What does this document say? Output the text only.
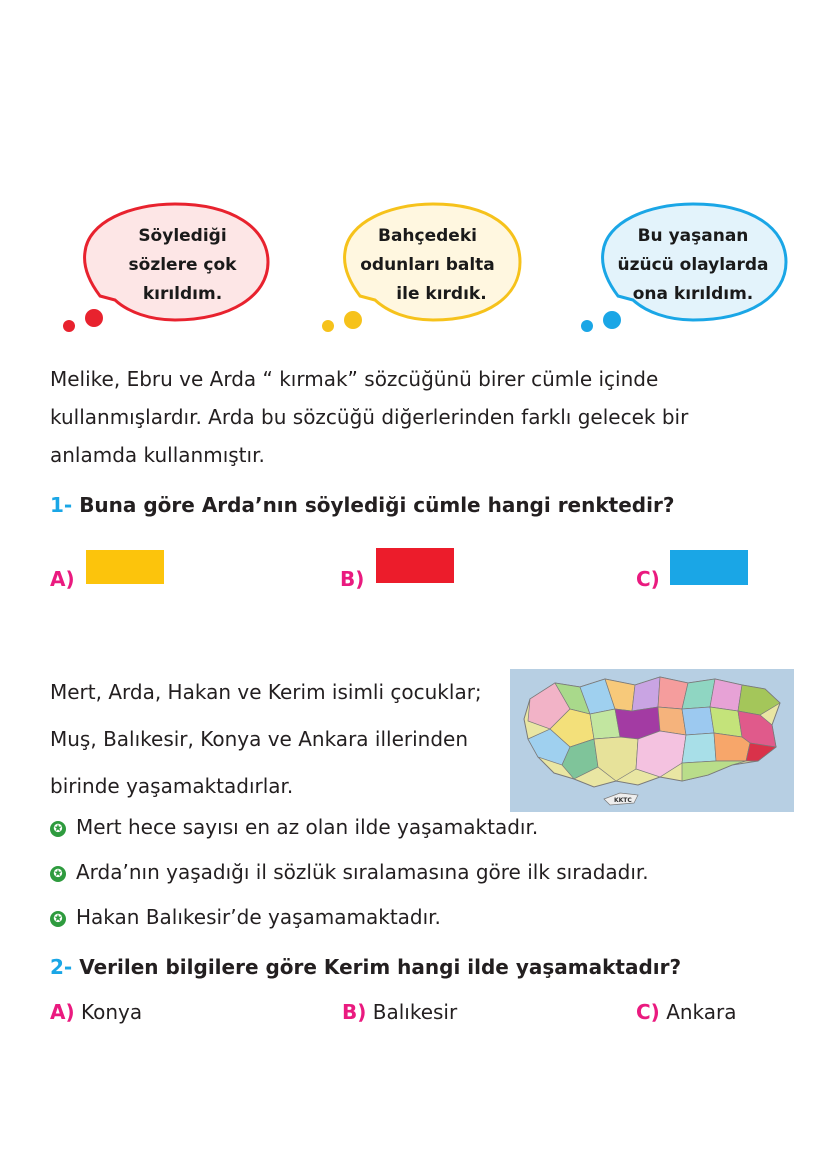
Söylediği
sözlere çok
kırıldım.
Bahçedeki
odunları balta
ile kırdık.
Bu yaşanan
üzücü olaylarda
ona kırıldım.
Melike, Ebru ve Arda “ kırmak” sözcüğünü birer cümle içinde
kullanmışlardır. Arda bu sözcüğü diğerlerinden farklı gelecek bir
anlamda kullanmıştır.
1- Buna göre Arda’nın söylediği cümle hangi renktedir?
A)	B)	C)
Mert, Arda, Hakan ve Kerim isimli çocuklar;
Muş, Balıkesir, Konya ve Ankara illerinden
birinde yaşamaktadırlar.
KKTC
✪ Mert hece sayısı en az olan ilde yaşamaktadır.
✪ Arda’nın yaşadığı il sözlük sıralamasına göre ilk sıradadır.
✪ Hakan Balıkesir’de yaşamamaktadır.
2- Verilen bilgilere göre Kerim hangi ilde yaşamaktadır?
A) Konya	B) Balıkesir	C) Ankara
